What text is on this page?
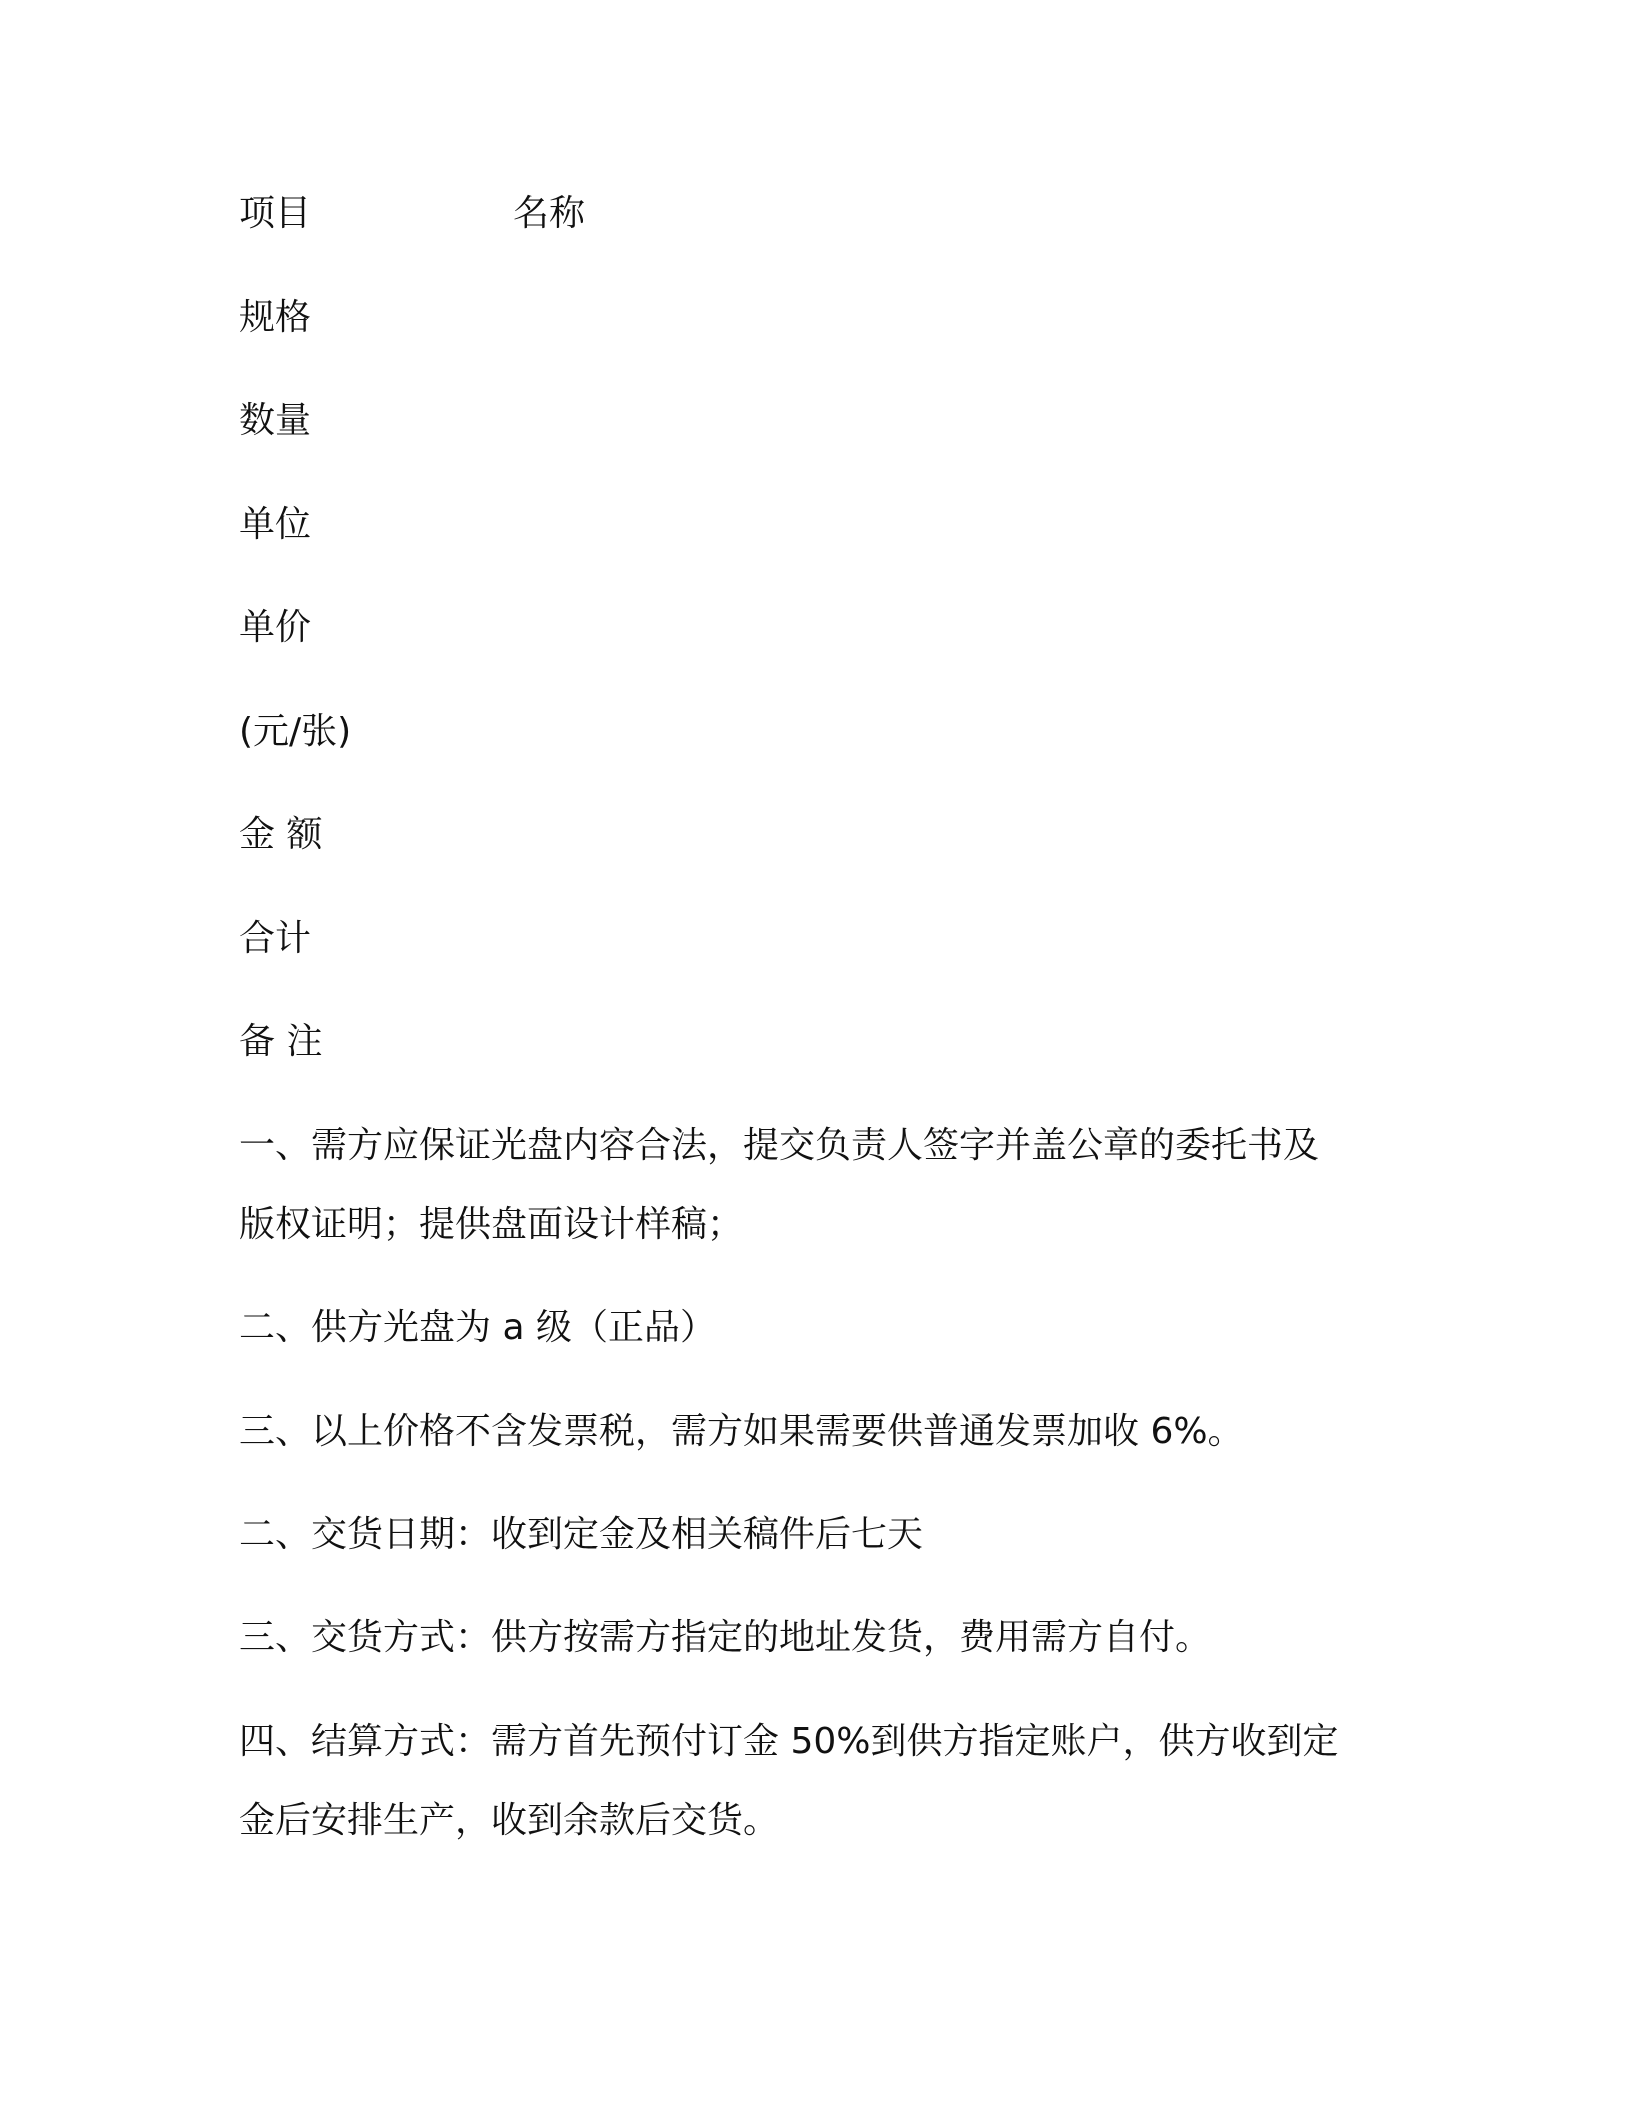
项目	名称

规格

数量

单位

单价

(元/张)

金 额

合计

备 注

一、需方应保证光盘内容合法，提交负责人签字并盖公章的委托书及

版权证明；提供盘面设计样稿；

二、供方光盘为 a 级（正品）

三、以上价格不含发票税，需方如果需要供普通发票加收 6%。

二、交货日期：收到定金及相关稿件后七天

三、交货方式：供方按需方指定的地址发货，费用需方自付。

四、结算方式：需方首先预付订金 50%到供方指定账户，供方收到定

金后安排生产，收到余款后交货。
